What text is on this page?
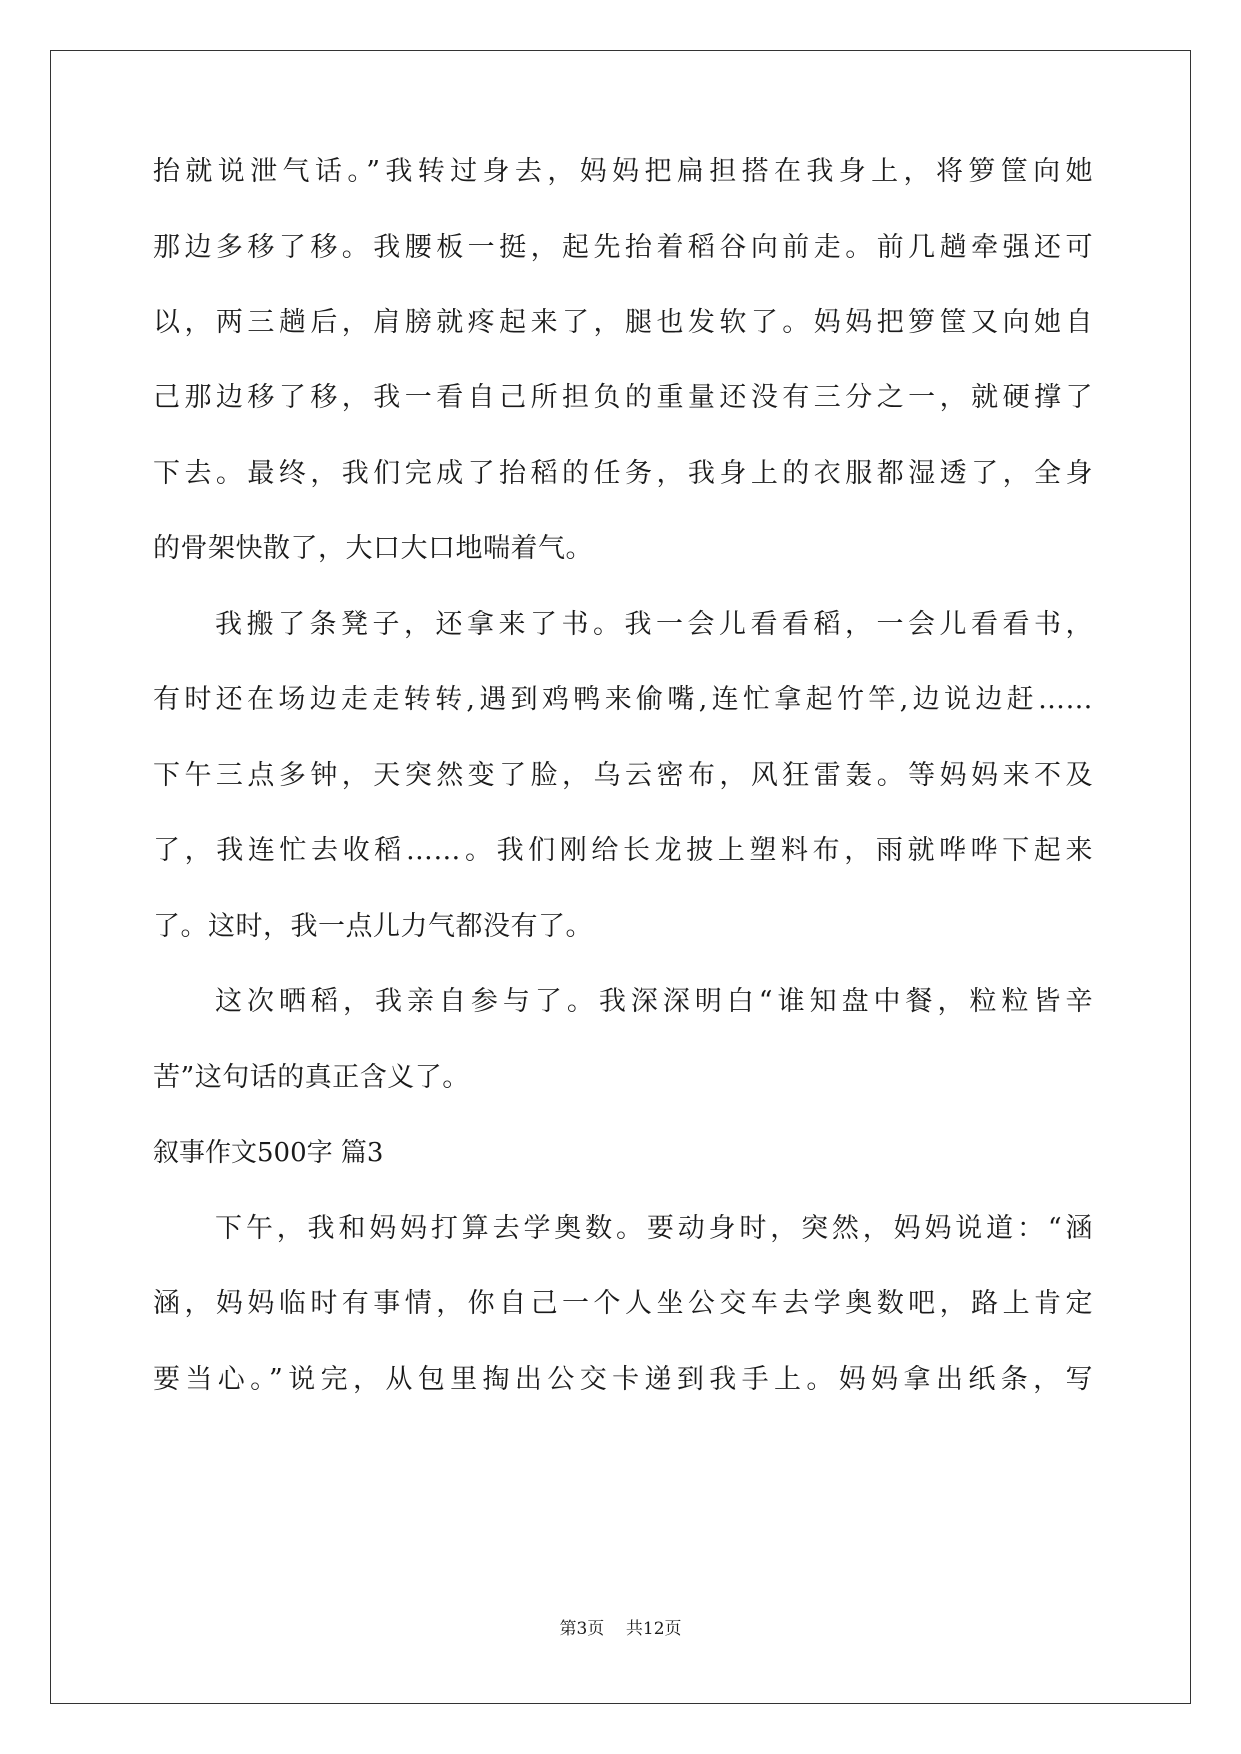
抬就说泄气话。”我转过身去，妈妈把扁担搭在我身上，将箩筐向她
那边多移了移。我腰板一挺，起先抬着稻谷向前走。前几趟牵强还可
以，两三趟后，肩膀就疼起来了，腿也发软了。妈妈把箩筐又向她自
己那边移了移，我一看自己所担负的重量还没有三分之一，就硬撑了
下去。最终，我们完成了抬稻的任务，我身上的衣服都湿透了，全身
的骨架快散了，大口大口地喘着气。
我搬了条凳子，还拿来了书。我一会儿看看稻，一会儿看看书，
有时还在场边走走转转,遇到鸡鸭来偷嘴,连忙拿起竹竿,边说边赶……
下午三点多钟，天突然变了脸，乌云密布，风狂雷轰。等妈妈来不及
了，我连忙去收稻……。我们刚给长龙披上塑料布，雨就哗哗下起来
了。这时，我一点儿力气都没有了。
这次晒稻，我亲自参与了。我深深明白“谁知盘中餐，粒粒皆辛
苦”这句话的真正含义了。
叙事作文500字 篇3
下午，我和妈妈打算去学奥数。要动身时，突然，妈妈说道：“涵
涵，妈妈临时有事情，你自己一个人坐公交车去学奥数吧，路上肯定
要当心。”说完，从包里掏出公交卡递到我手上。妈妈拿出纸条，写
第3页    共12页
